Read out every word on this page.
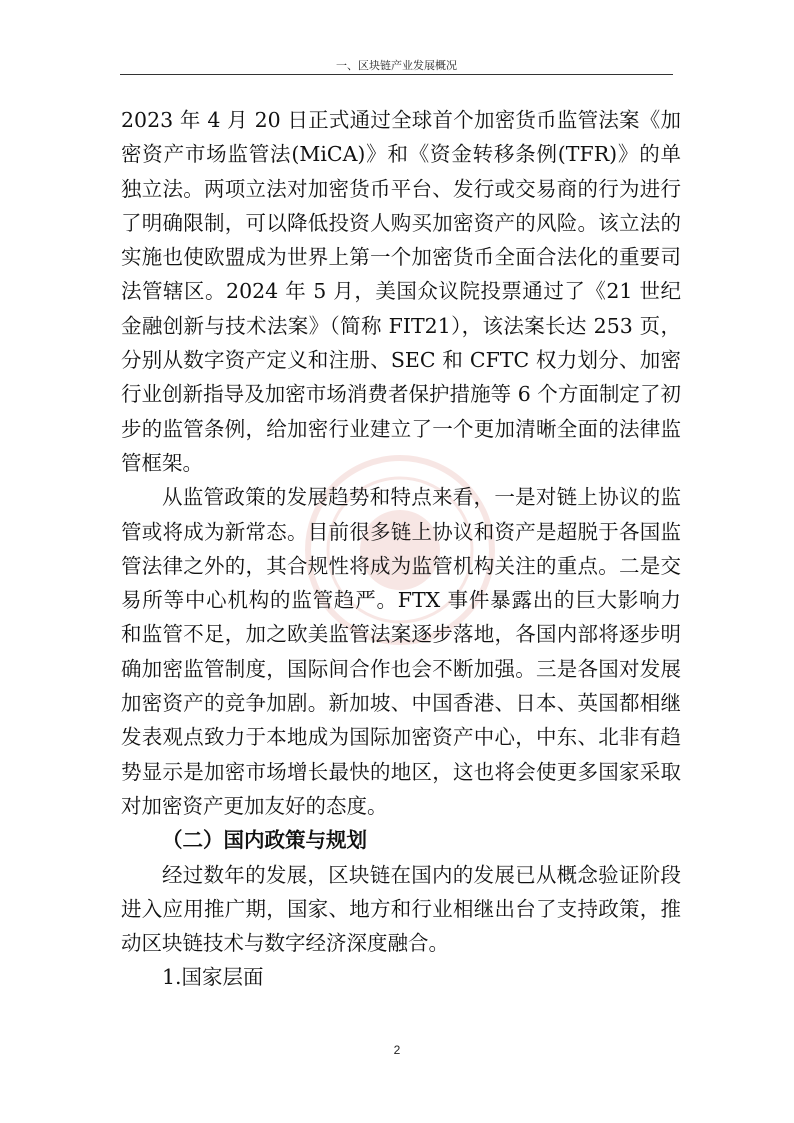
一、区块链产业发展概况

2023 年 4 月 20 日正式通过全球首个加密货币监管法案《加密资产市场监管法(MiCA)》和《资金转移条例(TFR)》的单独立法。两项立法对加密货币平台、发行或交易商的行为进行了明确限制，可以降低投资人购买加密资产的风险。该立法的实施也使欧盟成为世界上第一个加密货币全面合法化的重要司法管辖区。2024 年 5 月，美国众议院投票通过了《21 世纪金融创新与技术法案》（简称 FIT21），该法案长达 253 页，分别从数字资产定义和注册、SEC 和 CFTC 权力划分、加密行业创新指导及加密市场消费者保护措施等 6 个方面制定了初步的监管条例，给加密行业建立了一个更加清晰全面的法律监管框架。

从监管政策的发展趋势和特点来看，一是对链上协议的监管或将成为新常态。目前很多链上协议和资产是超脱于各国监管法律之外的，其合规性将成为监管机构关注的重点。二是交易所等中心机构的监管趋严。FTX 事件暴露出的巨大影响力和监管不足，加之欧美监管法案逐步落地，各国内部将逐步明确加密监管制度，国际间合作也会不断加强。三是各国对发展加密资产的竞争加剧。新加坡、中国香港、日本、英国都相继发表观点致力于本地成为国际加密资产中心，中东、北非有趋势显示是加密市场增长最快的地区，这也将会使更多国家采取对加密资产更加友好的态度。

（二）国内政策与规划

经过数年的发展，区块链在国内的发展已从概念验证阶段进入应用推广期，国家、地方和行业相继出台了支持政策，推动区块链技术与数字经济深度融合。

1.国家层面

2
